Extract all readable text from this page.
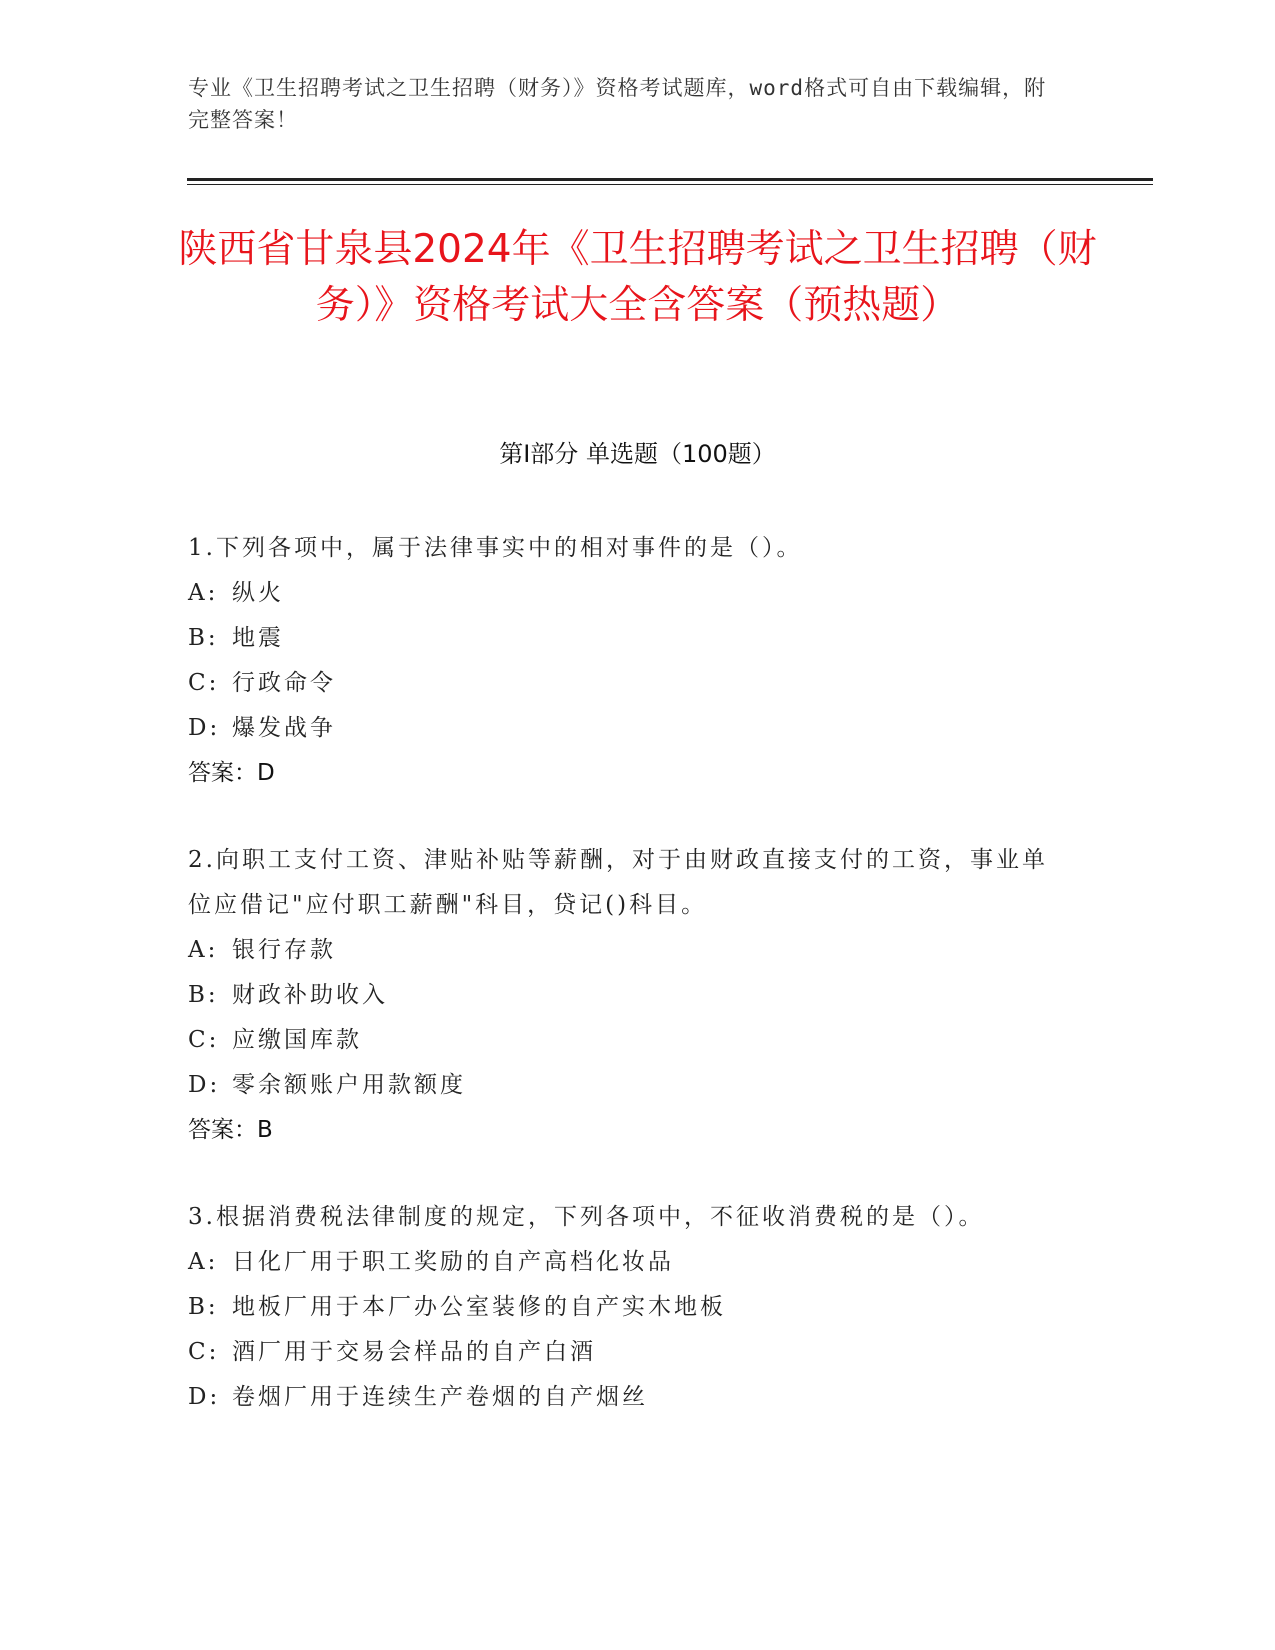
专业《卫生招聘考试之卫生招聘（财务）》资格考试题库，word格式可自由下载编辑，附完整答案！
陕西省甘泉县2024年《卫生招聘考试之卫生招聘（财务）》资格考试大全含答案（预热题）
第Ⅰ部分 单选题（100题）

1.下列各项中，属于法律事实中的相对事件的是（）。

A: 纵火
B: 地震
C: 行政命令
D: 爆发战争
答案：D

2.向职工支付工资、津贴补贴等薪酬，对于由财政直接支付的工资，事业单位应借记"应付职工薪酬"科目，贷记()科目。

A: 银行存款
B: 财政补助收入
C: 应缴国库款
D: 零余额账户用款额度
答案：B

3.根据消费税法律制度的规定，下列各项中，不征收消费税的是（）。

A: 日化厂用于职工奖励的自产高档化妆品
B: 地板厂用于本厂办公室装修的自产实木地板
C: 酒厂用于交易会样品的自产白酒
D: 卷烟厂用于连续生产卷烟的自产烟丝
